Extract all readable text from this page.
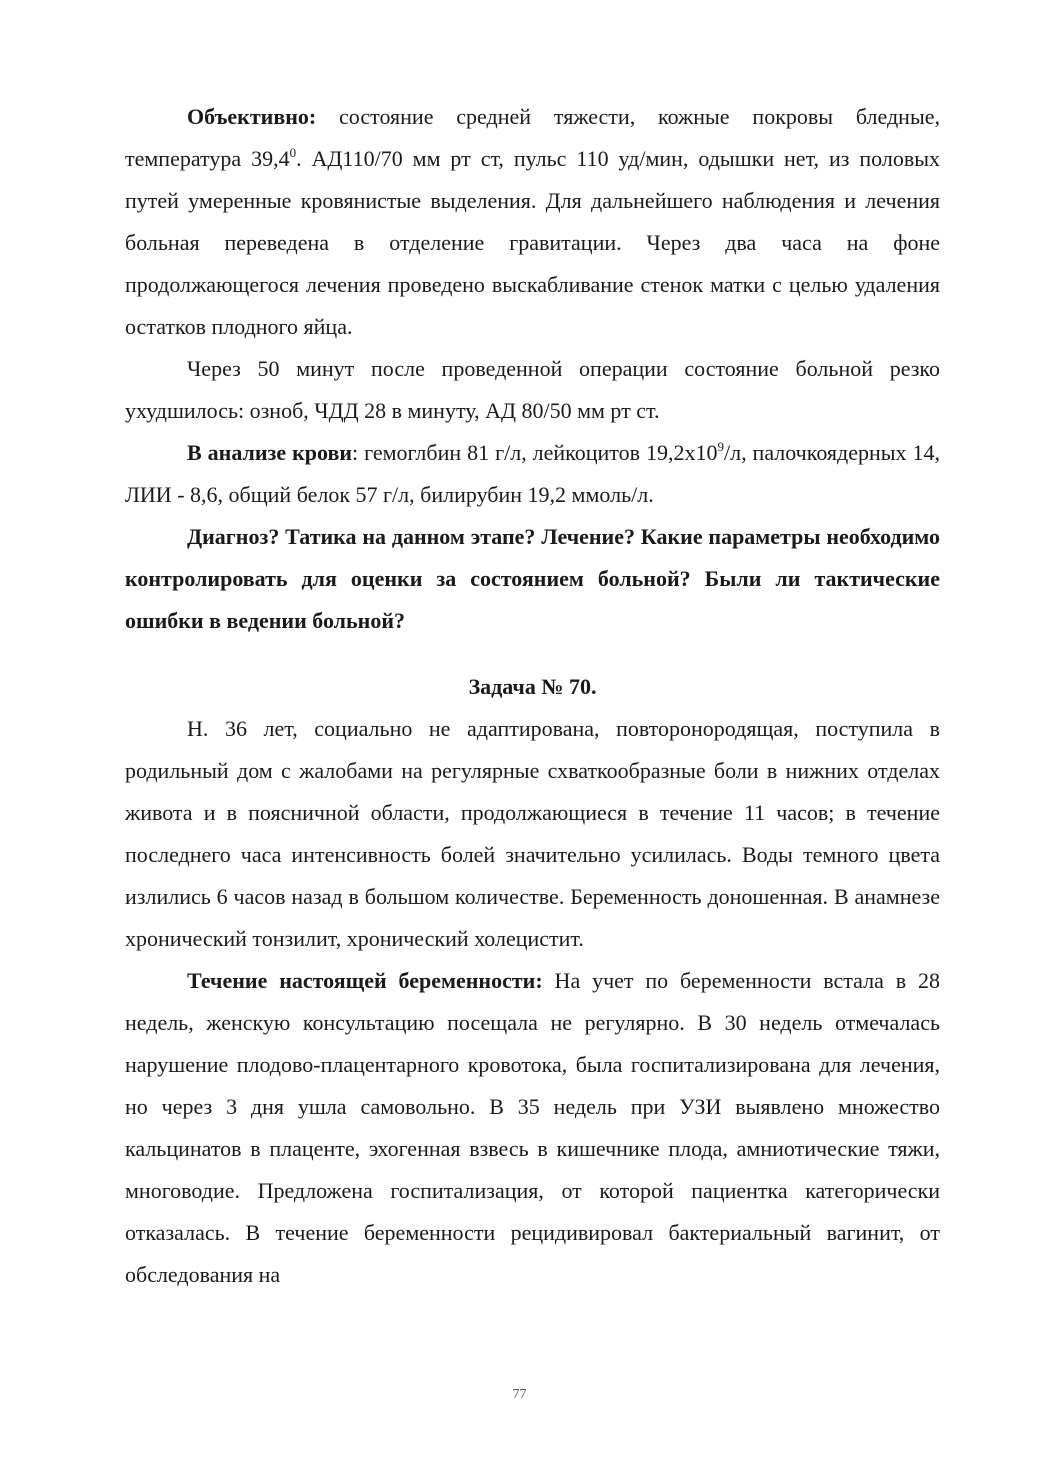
Объективно: состояние средней тяжести, кожные покровы бледные, температура 39,4$^0$. АД110/70 мм рт ст, пульс 110 уд/мин, одышки нет, из половых путей умеренные кровянистые выделения. Для дальнейшего наблюдения и лечения больная переведена в отделение гравитации. Через два часа на фоне продолжающегося лечения проведено выскабливание стенок матки с целью удаления остатков плодного яйца.

Через 50 минут после проведенной операции состояние больной резко ухудшилось: озноб, ЧДД 28 в минуту, АД 80/50 мм рт ст.

В анализе крови: гемоглбин 81 г/л, лейкоцитов $19,2х10^9/л$, палочкоядерных 14, ЛИИ - 8,6, общий белок 57 г/л, билирубин 19,2 ммоль/л.

Диагноз? Татика на данном этапе? Лечение? Какие параметры необходимо контролировать для оценки за состоянием больной? Были ли тактические ошибки в ведении больной?

Задача № 70.

Н. 36 лет, социально не адаптирована, повторонородящая, поступила в родильный дом с жалобами на регулярные схваткообразные боли в нижних отделах живота и в поясничной области, продолжающиеся в течение 11 часов; в течение последнего часа интенсивность болей значительно усилилась. Воды темного цвета излились 6 часов назад в большом количестве. Беременность доношенная. В анамнезе хронический тонзилит, хронический холецистит.

Течение настоящей беременности: На учет по беременности встала в 28 недель, женскую консультацию посещала не регулярно. В 30 недель отмечалась нарушение плодово-плацентарного кровотока, была госпитализирована для лечения, но через 3 дня ушла самовольно. В 35 недель при УЗИ выявлено множество кальцинатов в плаценте, эхогенная взвесь в кишечнике плода, амниотические тяжи, многоводие. Предложена госпитализация, от которой пациентка категорически отказалась. В течение беременности рецидивировал бактериальный вагинит, от обследования на

77
